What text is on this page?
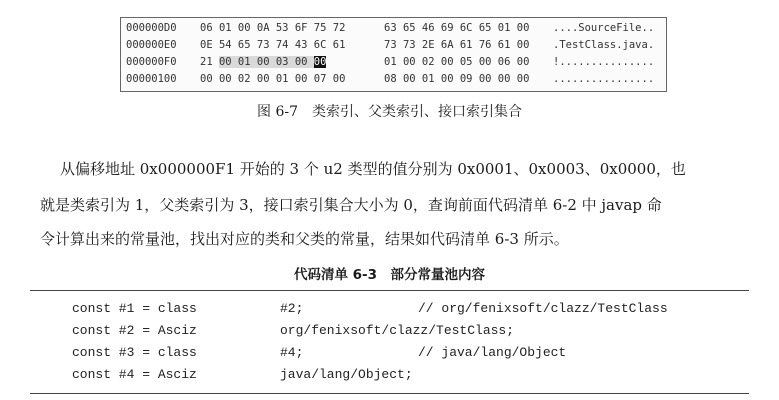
000000D0 06 01 00 0A 53 6F 75 72	63 65 46 69 6C 65 01 00 ....SourceFile..
000000E0 0E 54 65 73 74 43 6C 61	73 73 2E 6A 61 76 61 00 .TestClass.java.
000000F0 21 00 01 00 03 00 00	01 00 02 00 05 00 06 00 !...............
00000100 00 00 02 00 01 00 07 00	08 00 01 00 09 00 00 00 ................
图 6-7　类索引、父类索引、接口索引集合
从偏移地址 0x000000F1 开始的 3 个 u2 类型的值分别为 0x0001、0x0003、0x0000，也
就是类索引为 1，父类索引为 3，接口索引集合大小为 0，查询前面代码清单 6-2 中 javap 命
令计算出来的常量池，找出对应的类和父类的常量，结果如代码清单 6-3 所示。
代码清单 6-3　部分常量池内容
const #1 = class	#2;	// org/fenixsoft/clazz/TestClass
const #2 = Asciz	org/fenixsoft/clazz/TestClass;
const #3 = class	#4;	// java/lang/Object
const #4 = Asciz	java/lang/Object;
